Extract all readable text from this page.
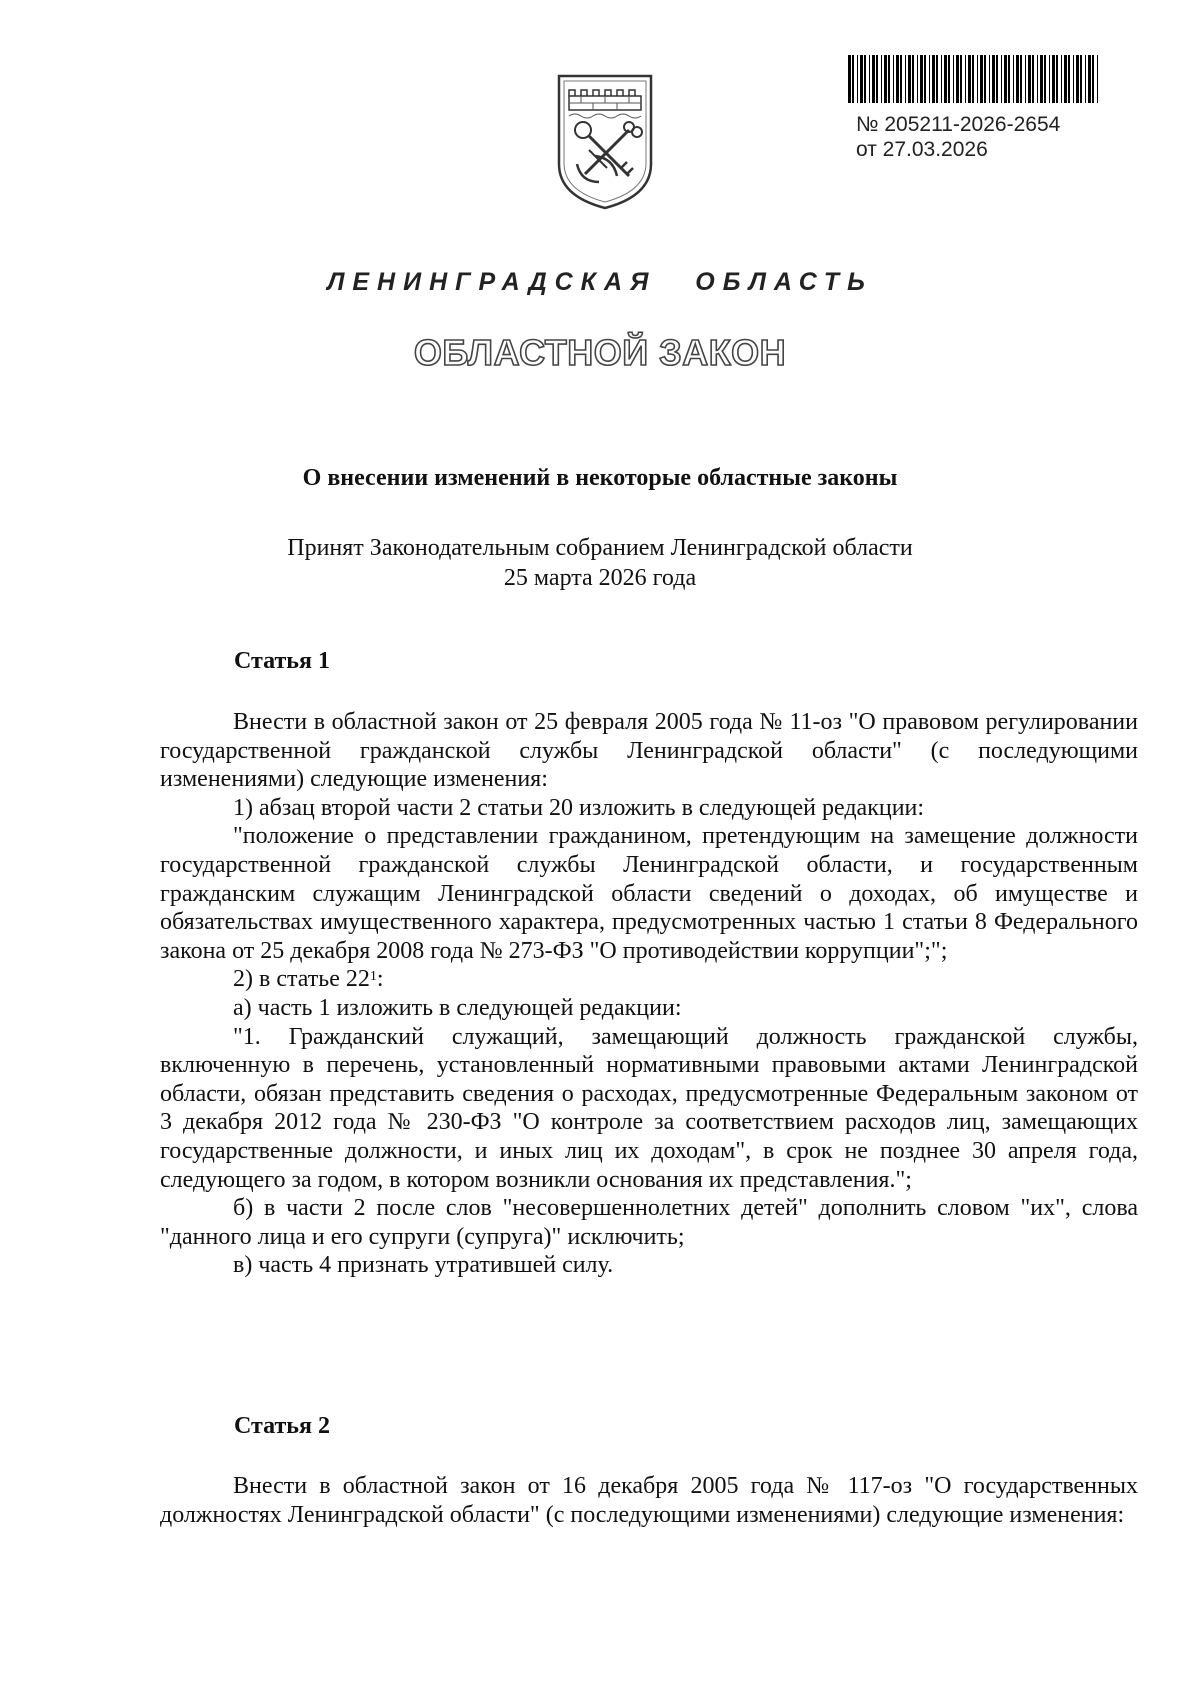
№ 205211-2026-2654
от 27.03.2026
ЛЕНИНГРАДСКАЯ ОБЛАСТЬ
ОБЛАСТНОЙ ЗАКОН
О внесении изменений в некоторые областные законы
Принят Законодательным собранием Ленинградской области
25 марта 2026 года
Статья 1

Внести в областной закон от 25 февраля 2005 года № 11-оз "О правовом регулировании государственной гражданской службы Ленинградской области" (с последующими изменениями) следующие изменения:

1) абзац второй части 2 статьи 20 изложить в следующей редакции:

"положение о представлении гражданином, претендующим на замещение должности государственной гражданской службы Ленинградской области, и государственным гражданским служащим Ленинградской области сведений о доходах, об имуществе и обязательствах имущественного характера, предусмотренных частью 1 статьи 8 Федерального закона от 25 декабря 2008 года № 273-ФЗ "О противодействии коррупции";";

2) в статье $22^1$:

а) часть 1 изложить в следующей редакции:

"1. Гражданский служащий, замещающий должность гражданской службы, включенную в перечень, установленный нормативными правовыми актами Ленинградской области, обязан представить сведения о расходах, предусмотренные Федеральным законом от 3 декабря 2012 года № 230-ФЗ "О контроле за соответствием расходов лиц, замещающих государственные должности, и иных лиц их доходам", в срок не позднее 30 апреля года, следующего за годом, в котором возникли основания их представления.";

б) в части 2 после слов "несовершеннолетних детей" дополнить словом "их", слова "данного лица и его супруги (супруга)" исключить;

в) часть 4 признать утратившей силу.

Статья 2

Внести в областной закон от 16 декабря 2005 года № 117-оз "О государственных должностях Ленинградской области" (с последующими изменениями) следующие изменения:
